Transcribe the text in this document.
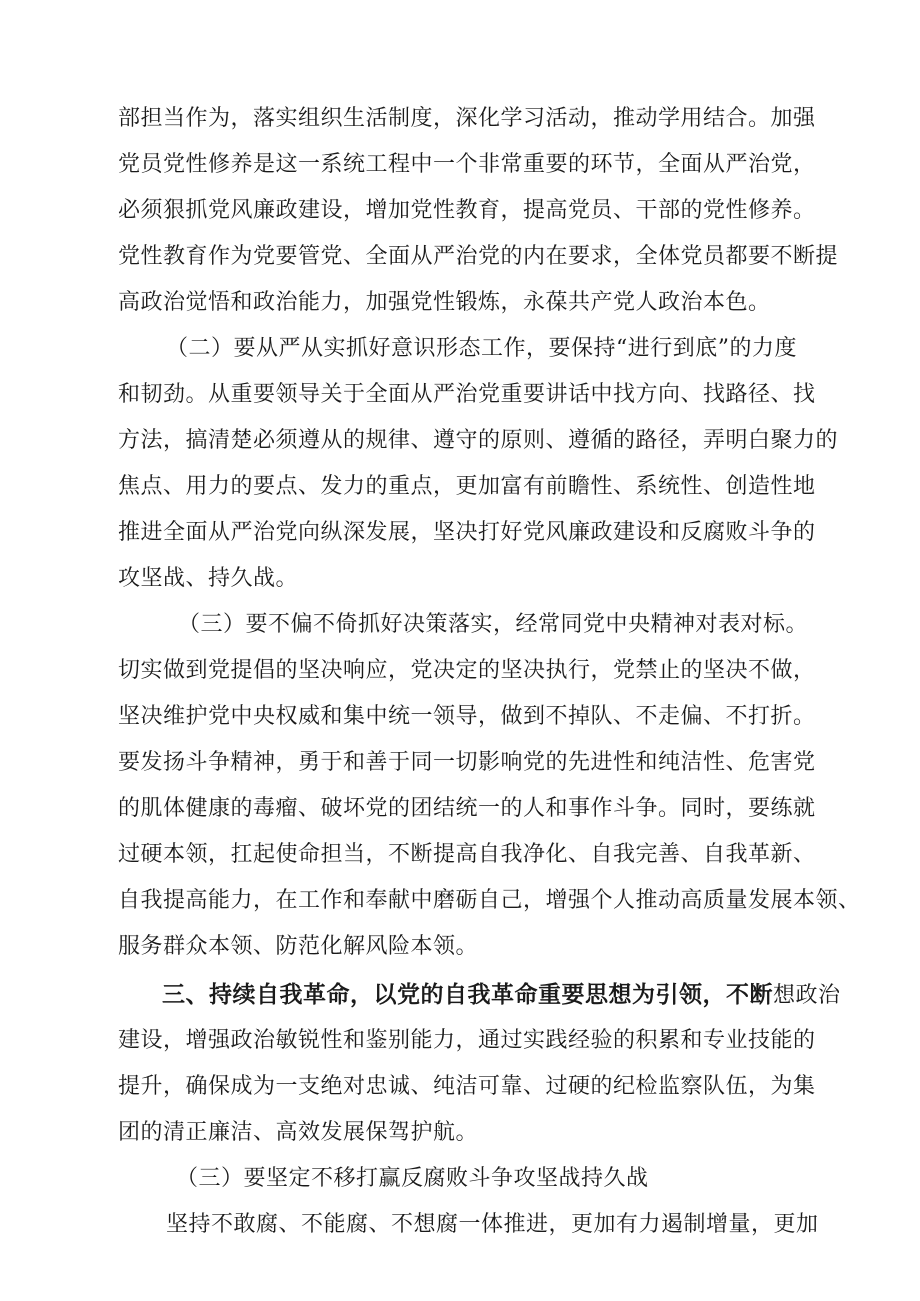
部担当作为，落实组织生活制度，深化学习活动，推动学用结合。加强
党员党性修养是这一系统工程中一个非常重要的环节，全面从严治党，
必须狠抓党风廉政建设，增加党性教育，提高党员、干部的党性修养。
党性教育作为党要管党、全面从严治党的内在要求，全体党员都要不断提
高政治觉悟和政治能力，加强党性锻炼，永葆共产党人政治本色。
（二）要从严从实抓好意识形态工作，要保持“进行到底”的力度
和韧劲。从重要领导关于全面从严治党重要讲话中找方向、找路径、找
方法，搞清楚必须遵从的规律、遵守的原则、遵循的路径，弄明白聚力的
焦点、用力的要点、发力的重点，更加富有前瞻性、系统性、创造性地
推进全面从严治党向纵深发展，坚决打好党风廉政建设和反腐败斗争的
攻坚战、持久战。
（三）要不偏不倚抓好决策落实，经常同党中央精神对表对标。
切实做到党提倡的坚决响应，党决定的坚决执行，党禁止的坚决不做，
坚决维护党中央权威和集中统一领导，做到不掉队、不走偏、不打折。
要发扬斗争精神，勇于和善于同一切影响党的先进性和纯洁性、危害党
的肌体健康的毒瘤、破坏党的团结统一的人和事作斗争。同时，要练就
过硬本领，扛起使命担当，不断提高自我净化、自我完善、自我革新、
自我提高能力，在工作和奉献中磨砺自己，增强个人推动高质量发展本领、
服务群众本领、防范化解风险本领。
三、持续自我革命，以党的自我革命重要思想为引领，不断想政治
建设，增强政治敏锐性和鉴别能力，通过实践经验的积累和专业技能的
提升，确保成为一支绝对忠诚、纯洁可靠、过硬的纪检监察队伍，为集
团的清正廉洁、高效发展保驾护航。
（三）要坚定不移打赢反腐败斗争攻坚战持久战
坚持不敢腐、不能腐、不想腐一体推进，更加有力遏制增量，更加
